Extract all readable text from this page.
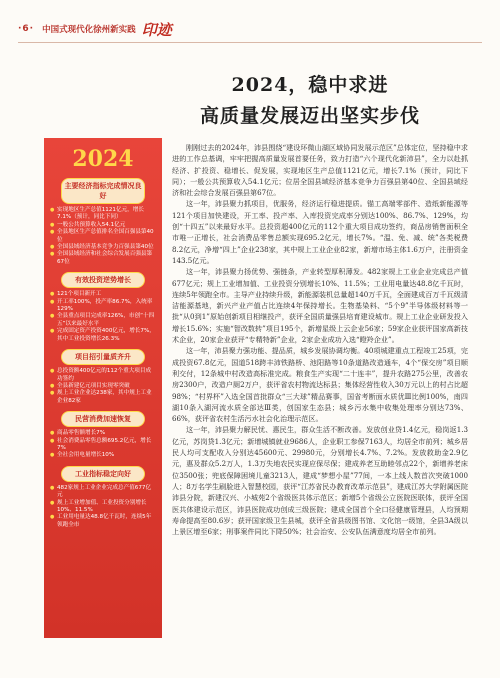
·6· 中国式现代化徐州新实践 印迹
2024，稳中求进
高质量发展迈出坚实步伐
2024
主要经济指标完成情况良好
● 实现地区生产总值1121亿元，增长7.1%（预计，同比下同）
● 一般公共预算收入54.1亿元
● 全县地区生产总值排名全国百强县第40位
● 全国县域经济基本竞争力百强县第40位
● 全国县域经济和社会综合发展百强县第67位
有效投资逆势增长
● 121个项目新开工
● 开工率100%，投产率86.7%，入统率129%
● 全县重点项目完成率126%，市创“十四五”以来最好水平
● 完成固定资产投资400亿元，增长7%，其中工业投资增长26.3%
项目招引量质齐升
● 总投资额400亿元的112个重大项目成功签约
● 全县新建亿元项目实现零突破
● 规上工业企业达238家，其中规上工业企业82家
民营消费加速恢复
● 商品零售额增长7%
● 社会消费品零售总额695.2亿元，增长7%
● 全社会用电量增长10%
工业指标稳定向好
● 482家规上工业企业完成总产值677亿元
● 规上工业增加值、工业投资分别增长10%、11.5%
● 工业用电量达48.8亿千瓦时，连续5年领跑全市

刚刚过去的2024年，沛县围绕“建设环微山湖区域协同发展示范区”总体定位，坚持稳中求进的工作总基调，牢牢把握高质量发展首要任务，致力打造“六个现代化新沛县”，全力以赴抓经济、扩投资、稳增长、促发展，实现地区生产总值1121亿元，增长7.1%（预计，同比下同）；一般公共预算收入54.1亿元；位居全国县域经济基本竞争力百强县第40位、全国县域经济和社会综合发展百强县第67位。

这一年，沛县聚力抓项目，优服务，经济运行稳进提质。锚工高端零部件、造纸新能源等121个项目加快建设，开工率、投产率、入库投资完成率分别达100%、86.7%、129%，均创“十四五”以来最好水平。总投资超400亿元的112个重大项目成功签约，商品房销售面积全市唯一正增长，社会消费品零售总额实现695.2亿元，增长7%。“温、免、减、统”各类税费8.2亿元，净增“四上”企业238家，其中规上工业企业82家，新增市场主体1.6万户，注册资金143.5亿元。

这一年，沛县聚力扬优势、强链条，产业转型厚积薄发。482家规上工业企业完成总产值677亿元；规上工业增加值、工业投资分别增长10%、11.5%；工业用电量达48.8亿千瓦时，连续5年领跑全市。主导产业持续升级，新能源装机总量超140万千瓦，全面建成百万千瓦级清洁能源基地，新兴产业产值占比连续4年保持增长。生物基染料、“5个9”半导体级材料等一批“从0到1”原始创新项目相继投产，获评全国质量强县培育建设城市。规上工业企业研发投入增长15.6%；实施“智改数转”项目195个，新增星级上云企业56家；59家企业获评国家高新技术企业，20家企业获评“专精特新”企业，2家企业成功入选“瞪羚企业”。

这一年，沛县聚力强功能、提品质，城乡发展协调均衡。40项城建重点工程竣工25项，完成投资67.8亿元，国道518跨丰沛铁路桥、池阳路等10条道路改造通车，4个“保交房”项目顺利交付，12条城中村改造高标准完成。粮食生产实现“二十连丰”，提升农路275公里，改善农房2300户，改造户厕2万户，获评省农村物流达标县；集体经营性收入30万元以上的村占比超98%；“村界杯”入选全国首批群众“三大球”精品赛事，国省考断面水质优Ⅲ比例100%，南四湖10条入湖河流水质全部达Ⅲ类，创国家生态县；城乡污水集中收集处理率分别达73%、66%，获评省农村生活污水社会化治理示范区。

这一年，沛县聚力解民忧、惠民生，群众生活不断改善。发放创业贷1.4亿元，稳岗返1.3亿元，苏岗贷1.3亿元；新增城镇就业9686人，企业职工参保7163人，均居全市前列；城乡居民人均可支配收入分别达45600元、29980元，分别增长4.7%、7.2%。发放救助金2.9亿元，惠及群众5.2万人，1.3万失地农民实现应保尽保；建成养老互助睦邻点22个，新增养老床位3500张；兜底保障困境儿童3213人，建成“梦想小屋”77间，一本上线人数首次突破1000人；8万名学生刷脸进入智慧校园，获评“江苏省民办教育改革示范县”，建成江苏大学附属医院沛县分院，新建汉兴、小城苑2个省级医共体示范区；新增5个省级公立医院医联体，获评全国医共体建设示范区，沛县医院成功创成三级医院；建成全国首个全口径健康管理县，人均预期寿命提高至80.6岁；获评国家级卫生县城，获评全省县级图书馆、文化馆一级馆，全县3A级以上景区增至6家；刑事案件同比下降50%；社会治安、公安队伍满意度均居全市前列。
